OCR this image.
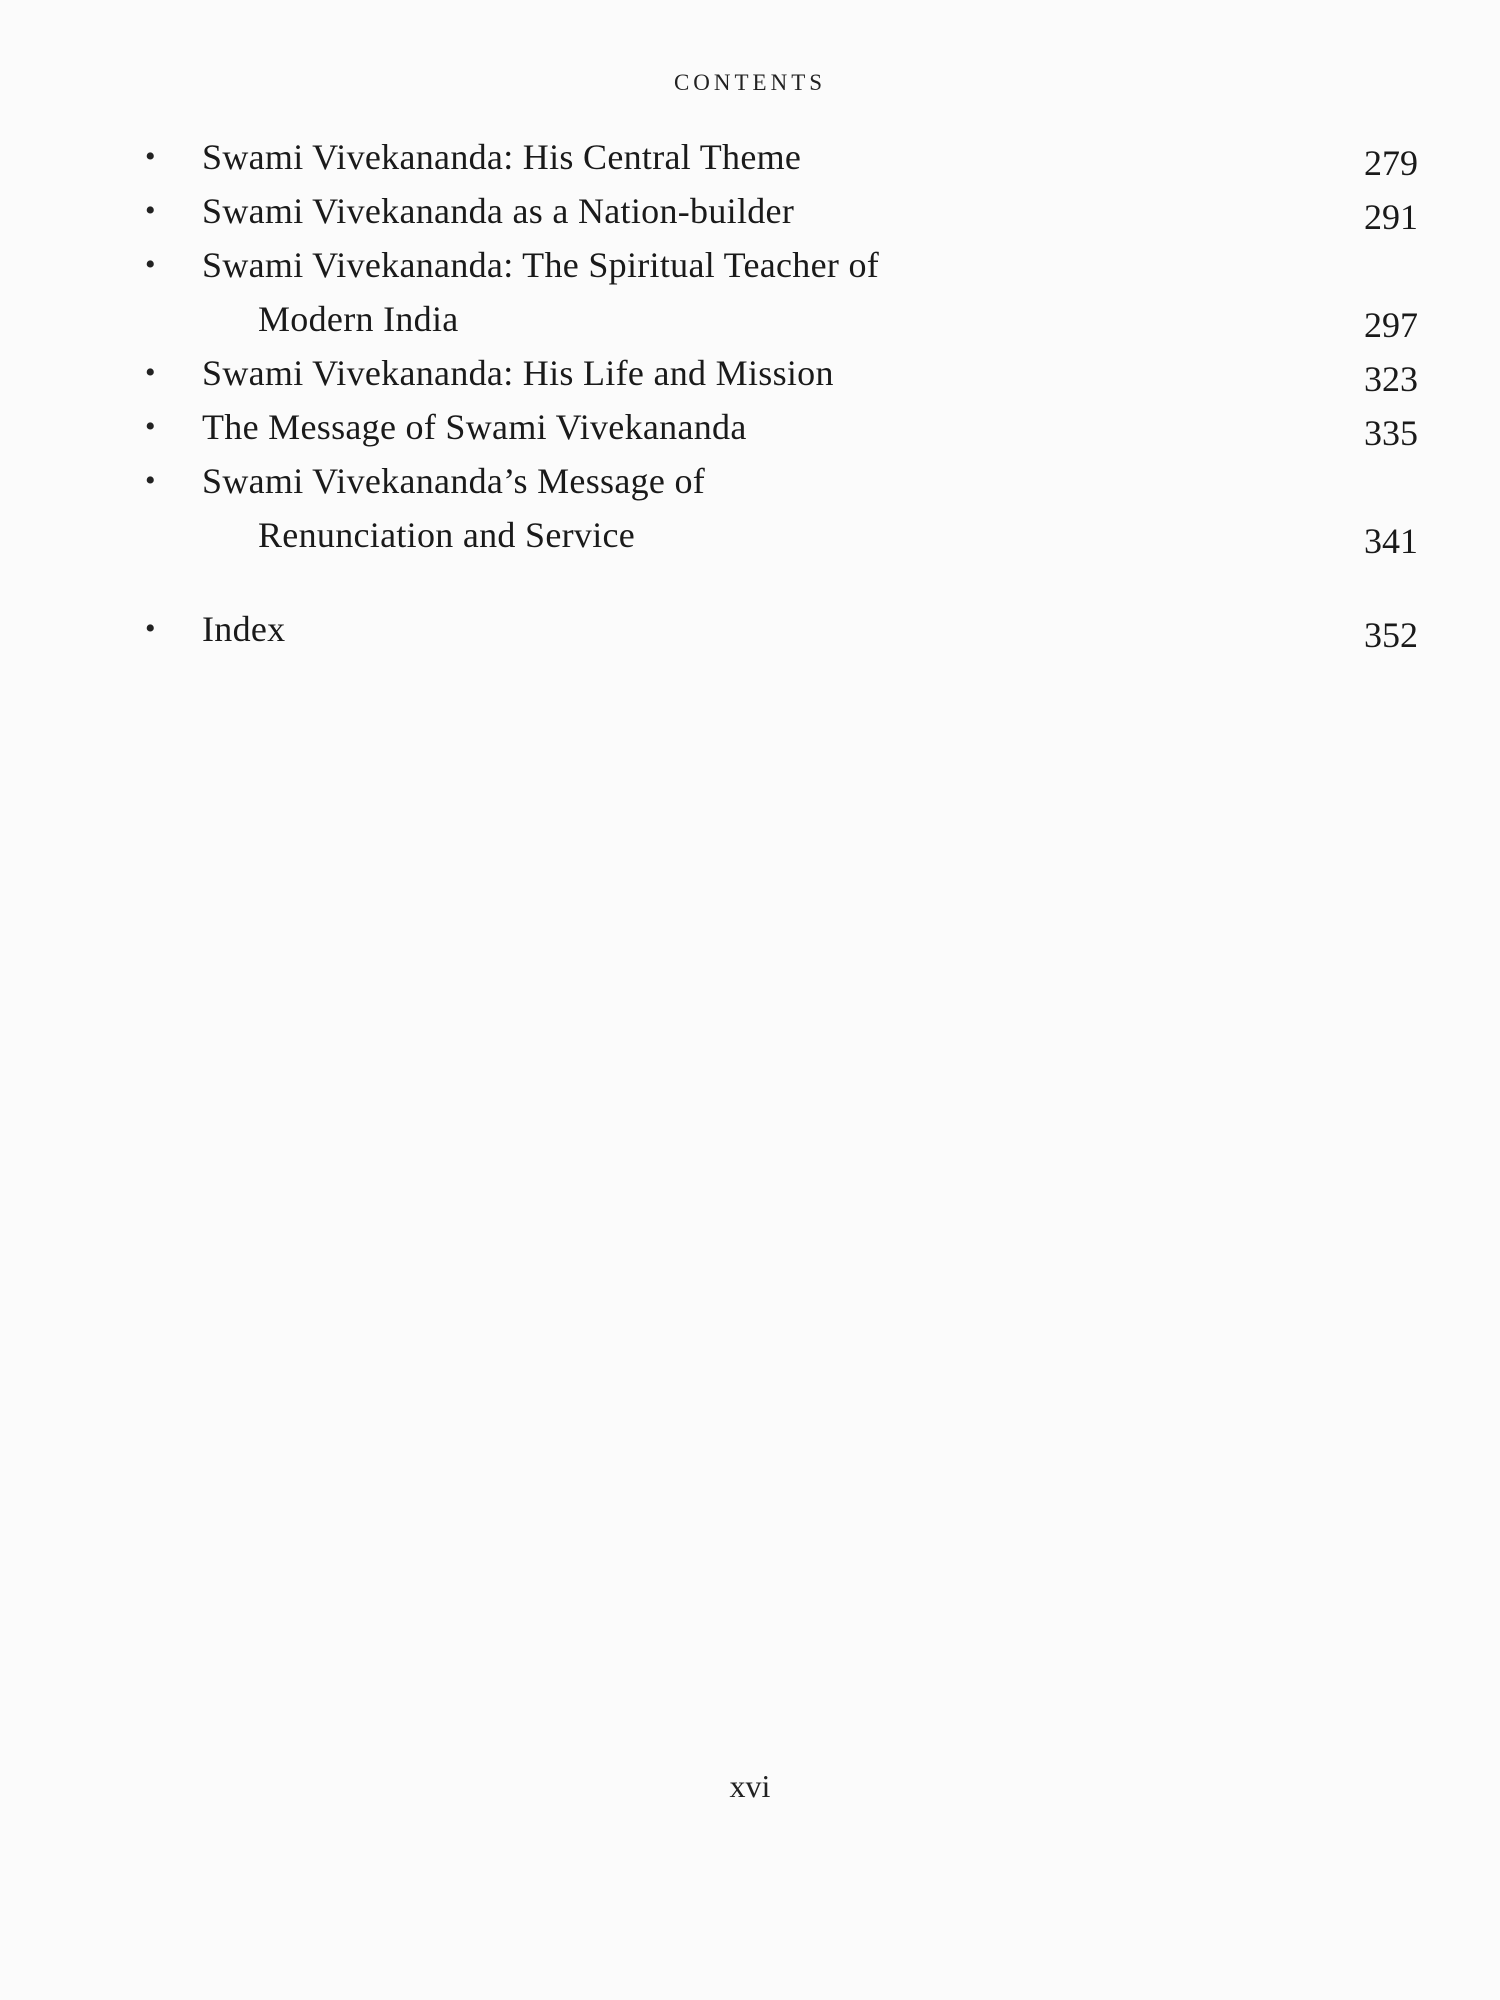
CONTENTS
• Swami Vivekananda: His Central Theme	279
• Swami Vivekananda as a Nation-builder	291
• Swami Vivekananda: The Spiritual Teacher of
Modern India	297
• Swami Vivekananda: His Life and Mission	323
• The Message of Swami Vivekananda	335
• Swami Vivekananda’s Message of
Renunciation and Service	341
• Index	352
xvi
